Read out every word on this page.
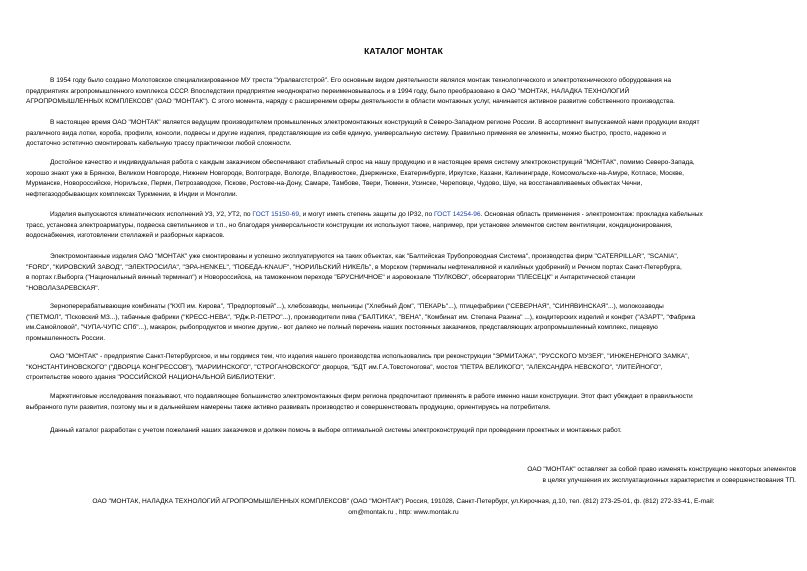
КАТАЛОГ МОНТАК
В 1954 году было создано Молотовское специализированное МУ треста "Уралвагстстрой". Его основным видом деятельности являлся монтаж технологического и электротехнического оборудования на
предприятиях агропромышленного комплекса СССР. Впоследствии предприятие неоднократно переименовывалось и в 1994 году, было преобразовано в ОАО "МОНТАК, НАЛАДКА ТЕХНОЛОГИЙ
АГРОПРОМЫШЛЕННЫХ КОМПЛЕКСОВ" (ОАО "МОНТАК"). С этого момента, наряду с расширением сферы деятельности в области монтажных услуг, начинается активное развитие собственного производства.
В настоящее время ОАО "МОНТАК" является ведущим производителем промышленных электромонтажных конструкций в Северо-Западном регионе России. В ассортимент выпускаемой нами продукции входят
различного вида лотки, короба, профили, консоли, подвесы и другие изделия, представляющие из себя единую, универсальную систему. Правильно применяя ее элементы, можно быстро, просто, надежно и
достаточно эстетично смонтировать кабельную трассу практически любой сложности.
Достойное качество и индивидуальная работа с каждым заказчиком обеспечивают стабильный спрос на нашу продукцию и в настоящее время систему электроконструкций "МОНТАК", помимо Северо-Запада,
хорошо знают уже в Брянске, Великом Новгороде, Нижнем Новгороде, Волгограде, Вологде, Владивостоке, Дзержинске, Екатеринбурге, Иркутске, Казани, Калининграде, Комсомольске-на-Амуре, Котласе, Москве,
Мурманске, Новороссийске, Норильске, Перми, Петрозаводске, Пскове, Ростове-на-Дону, Самаре, Тамбове, Твери, Тюмени, Усинске, Череповце, Чудово, Шуе, на восстанавливаемых объектах Чечни,
нефтегазодобывающих комплексах Туркмении, в Индии и Монголии.
Изделия выпускаются климатических исполнений У3, У2, УТ2, по ГОСТ 15150-69, и могут иметь степень защиты до IP32, по ГОСТ 14254-96. Основная область применения - электромонтаж: прокладка кабельных
трасс, установка электроарматуры, подвеска светильников и т.п., но благодаря универсальности конструкции их используют также, например, при установке элементов систем вентиляции, кондиционирования,
водоснабжения, изготовлении стеллажей и разборных каркасов.
Электромонтажные изделия ОАО "МОНТАК" уже смонтированы и успешно эксплуатируются на таких объектах, как "Балтийская Трубопроводная Система", производства фирм "CATERPILLAR", "SCANIA",
"FORD", "КИРОВСКИЙ ЗАВОД", "ЭЛЕКТРОСИЛА", "ЭРА-HENKEL", "ПОБЕДА-KNAUF", "НОРИЛЬСКИЙ НИКЕЛЬ", в Морском (терминалы нефтеналивной и калийных удобрений) и Речном портах Санкт-Петербурга,
в портах г.Выборга ("Национальный винный терминал") и Новороссийска, на таможенном переходе "БРУСНИЧНОЕ" и аэровокзале "ПУЛКОВО", обсерватории "ПЛЕСЕЦК" и Антарктической станции
"НОВОЛАЗАРЕВСКАЯ".
Зерноперерабатывающие комбинаты ("КХП им. Кирова", "Предпортовый"...), хлебозаводы, мельницы ("Хлебный Дом", "ПЕКАРЬ"...), птицефабрики ("СЕВЕРНАЯ", "СИНЯВИНСКАЯ"...), молокозаводы
("ПЕТМОЛ", "Псковский МЗ...), табачные фабрики ("КРЕСС-НЕВА", "РДж.Р.-ПЕТРО"...), производители пива ("БАЛТИКА", "ВЕНА", "Комбинат им. Степана Разина" ...), кондитерских изделий и конфет ("АЗАРТ", "Фабрика
им.Самойловой", "ЧУПА-ЧУПС СПб"...), макарон, рыбопродуктов и многие другие,- вот далеко не полный перечень наших постоянных заказчиков, представляющих агропромышленный комплекс, пищевую
промышленность России.
ОАО "МОНТАК" - предприятие Санкт-Петербургское, и мы гордимся тем, что изделия нашего производства использовались при реконструкции "ЭРМИТАЖА", "РУССКОГО МУЗЕЯ", "ИНЖЕНЕРНОГО ЗАМКА",
"КОНСТАНТИНОВСКОГО" ("ДВОРЦА КОНГРЕССОВ"), "МАРИИНСКОГО", "СТРОГАНОВСКОГО" дворцов, "БДТ им.Г.А.Товстоногова", мостов "ПЕТРА ВЕЛИКОГО", "АЛЕКСАНДРА НЕВСКОГО", "ЛИТЕЙНОГО",
строительстве нового здания "РОССИЙСКОЙ НАЦИОНАЛЬНОЙ БИБЛИОТЕКИ".
Маркетинговые исследования показывают, что подавляющее большинство электромонтажных фирм региона предпочитают применять в работе именно наши конструкции. Этот факт убеждает в правильности
выбранного пути развития, поэтому мы и в дальнейшем намерены также активно развивать производство и совершенствовать продукцию, ориентируясь на потребителя.
Данный каталог разработан с учетом пожеланий наших заказчиков и должен помочь в выборе оптимальной системы электроконструкций при проведении проектных и монтажных работ.
ОАО "МОНТАК" оставляет за собой право изменять конструкцию некоторых элементов
в целях улучшения их эксплуатационных характеристик и совершенствования ТП.
ОАО "МОНТАК, НАЛАДКА ТЕХНОЛОГИЙ АГРОПРОМЫШЛЕННЫХ КОМПЛЕКСОВ" (ОАО "МОНТАК") Россия, 191028, Санкт-Петербург, ул.Кирочная, д.10, тел. (812) 273-25-01, ф. (812) 272-33-41, E-mail:
om@montak.ru , http: www.montak.ru
